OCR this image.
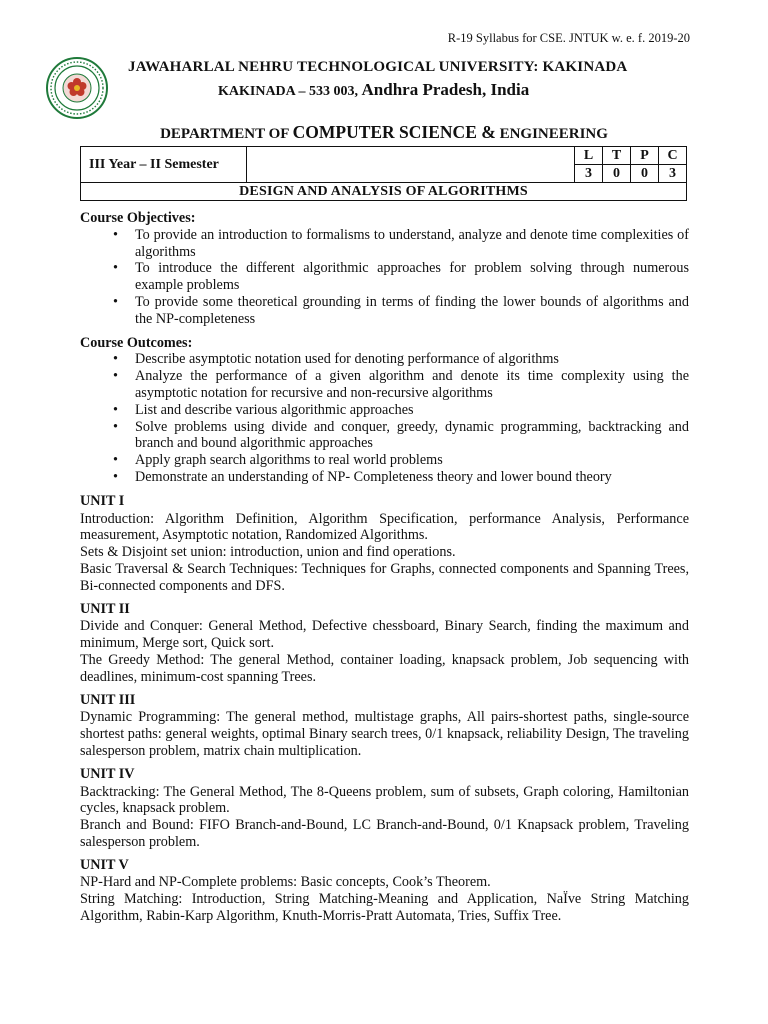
R-19 Syllabus for CSE. JNTUK w. e. f. 2019-20
JAWAHARLAL NEHRU TECHNOLOGICAL UNIVERSITY: KAKINADA
KAKINADA – 533 003, Andhra Pradesh, India
DEPARTMENT OF COMPUTER SCIENCE & ENGINEERING
III Year – II Semester		L	T	P	C
		3	0	0	3
DESIGN AND ANALYSIS OF ALGORITHMS					
Course Objectives:
• To provide an introduction to formalisms to understand, analyze and denote time complexities of algorithms
• To introduce the different algorithmic approaches for problem solving through numerous example problems
• To provide some theoretical grounding in terms of finding the lower bounds of algorithms and the NP-completeness
Course Outcomes:
• Describe asymptotic notation used for denoting performance of algorithms
• Analyze the performance of a given algorithm and denote its time complexity using the asymptotic notation for recursive and non-recursive algorithms
• List and describe various algorithmic approaches
• Solve problems using divide and conquer, greedy, dynamic programming, backtracking and branch and bound algorithmic approaches
• Apply graph search algorithms to real world problems
• Demonstrate an understanding of NP- Completeness theory and lower bound theory
UNIT I

Introduction: Algorithm Definition, Algorithm Specification, performance Analysis, Performance measurement, Asymptotic notation, Randomized Algorithms.

Sets & Disjoint set union: introduction, union and find operations.

Basic Traversal & Search Techniques: Techniques for Graphs, connected components and Spanning Trees, Bi-connected components and DFS.

UNIT II

Divide and Conquer: General Method, Defective chessboard, Binary Search, finding the maximum and minimum, Merge sort, Quick sort.

The Greedy Method: The general Method, container loading, knapsack problem, Job sequencing with deadlines, minimum-cost spanning Trees.

UNIT III

Dynamic Programming: The general method, multistage graphs, All pairs-shortest paths, single-source shortest paths: general weights, optimal Binary search trees, 0/1 knapsack, reliability Design, The traveling salesperson problem, matrix chain multiplication.

UNIT IV

Backtracking: The General Method, The 8-Queens problem, sum of subsets, Graph coloring, Hamiltonian cycles, knapsack problem.

Branch and Bound: FIFO Branch-and-Bound, LC Branch-and-Bound, 0/1 Knapsack problem, Traveling salesperson problem.

UNIT V

NP-Hard and NP-Complete problems: Basic concepts, Cook’s Theorem.

String Matching: Introduction, String Matching-Meaning and Application, NaÏve String Matching Algorithm, Rabin-Karp Algorithm, Knuth-Morris-Pratt Automata, Tries, Suffix Tree.
